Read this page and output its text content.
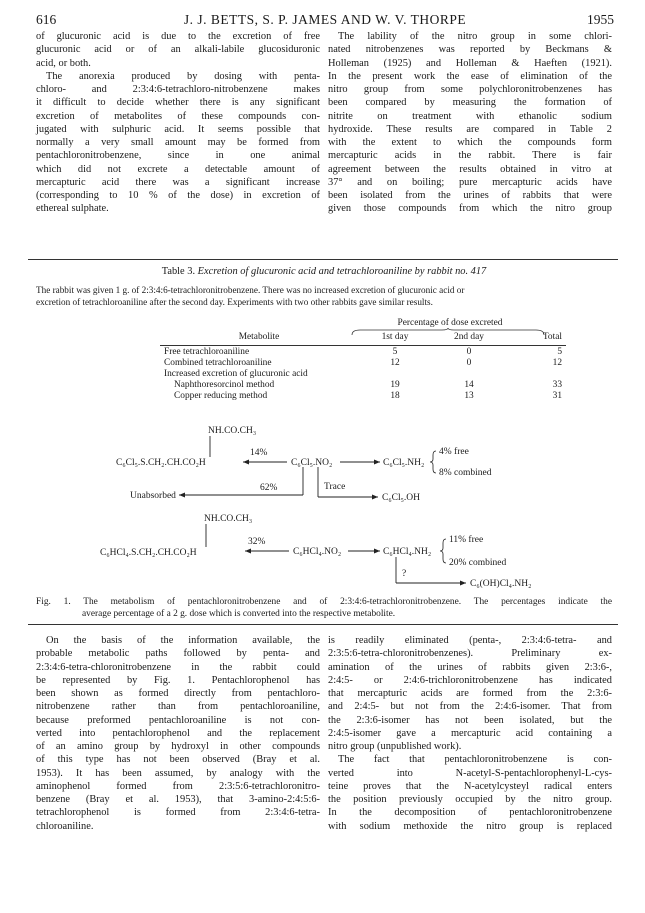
616	J. J. BETTS, S. P. JAMES AND W. V. THORPE	1955
of glucuronic acid is due to the excretion of free
glucuronic acid or of an alkali-labile glucosiduronic
acid, or both.
The anorexia produced by dosing with penta-
chloro- and 2:3:4:6-tetrachloro-nitrobenzene makes
it difficult to decide whether there is any significant
excretion of metabolites of these compounds con-
jugated with sulphuric acid. It seems possible that
normally a very small amount may be formed from
pentachloronitrobenzene, since in one animal
which did not excrete a detectable amount of
mercapturic acid there was a significant increase
(corresponding to 10 % of the dose) in excretion of
ethereal sulphate.
The lability of the nitro group in some chlori-
nated nitrobenzenes was reported by Beckmans &
Holleman (1925) and Holleman & Haeften (1921).
In the present work the ease of elimination of the
nitro group from some polychloronitrobenzenes has
been compared by measuring the formation of
nitrite on treatment with ethanolic sodium
hydroxide. These results are compared in Table 2
with the extent to which the compounds form
mercapturic acids in the rabbit. There is fair
agreement between the results obtained in vitro at
37° and on boiling; pure mercapturic acids have
been isolated from the urines of rabbits that were
given those compounds from which the nitro group
Table 3. Excretion of glucuronic acid and tetrachloroaniline by rabbit no. 417
The rabbit was given 1 g. of 2:3:4:6-tetrachloronitrobenzene. There was no increased excretion of glucuronic acid or
excretion of tetrachloroaniline after the second day. Experiments with two other rabbits gave similar results.
Percentage of dose excreted
Metabolite	1st day	2nd day	Total

Free tetrachloroaniline	5	0	5
Combined tetrachloroaniline	12	0	12
Increased excretion of glucuronic acid			
Naphthoresorcinol method	19	14	33
Copper reducing method	18	13	31
NH.CO.CH₃
C₆Cl₅.S.CH₂.CH.CO₂H
14%
C₆Cl₅.NO₂	C₆Cl₅.NH₂
4% free
8% combined
62%
Unabsorbed
Trace
C₆Cl₅.OH
NH.CO.CH₃
C₆HCl₄.S.CH₂.CH.CO₂H
32%
C₆HCl₄.NO₂	C₆HCl₄.NH₂
11% free
20% combined
?
C₆(OH)Cl₄.NH₂
Fig. 1. The metabolism of pentachloronitrobenzene and of 2:3:4:6-tetrachloronitrobenzene. The percentages indicate the
average percentage of a 2 g. dose which is converted into the respective metabolite.
On the basis of the information available, the
probable metabolic paths followed by penta- and
2:3:4:6-tetra-chloronitrobenzene in the rabbit could
be represented by Fig. 1. Pentachlorophenol has
been shown as formed directly from pentachloro-
nitrobenzene rather than from pentachloroaniline,
because preformed pentachloroaniline is not con-
verted into pentachlorophenol and the replacement
of an amino group by hydroxyl in other compounds
of this type has not been observed (Bray et al.
1953). It has been assumed, by analogy with the
aminophenol formed from 2:3:5:6-tetrachloronitro-
benzene (Bray et al. 1953), that 3-amino-2:4:5:6-
tetrachlorophenol is formed from 2:3:4:6-tetra-
chloroaniline.
is readily eliminated (penta-, 2:3:4:6-tetra- and
2:3:5:6-tetra-chloronitrobenzenes). Preliminary ex-
amination of the urines of rabbits given 2:3:6-,
2:4:5- or 2:4:6-trichloronitrobenzene has indicated
that mercapturic acids are formed from the 2:3:6-
and 2:4:5- but not from the 2:4:6-isomer. That from
the 2:3:6-isomer has not been isolated, but the
2:4:5-isomer gave a mercapturic acid containing a
nitro group (unpublished work).
The fact that pentachloronitrobenzene is con-
verted into N-acetyl-S-pentachlorophenyl-L-cys-
teine proves that the N-acetylcysteyl radical enters
the position previously occupied by the nitro group.
In the decomposition of pentachloronitrobenzene
with sodium methoxide the nitro group is replaced
